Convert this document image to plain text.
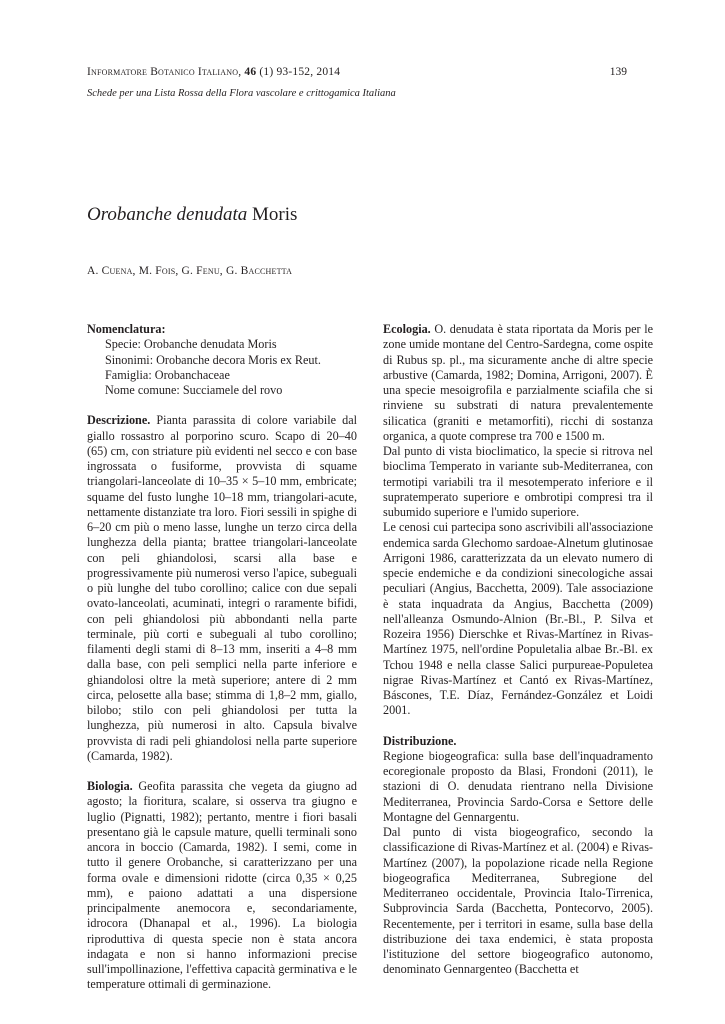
Informatore Botanico Italiano, 46 (1) 93-152, 2014	139
Schede per una Lista Rossa della Flora vascolare e crittogamica Italiana
Orobanche denudata Moris
A. Cuena, M. Fois, G. Fenu, G. Bacchetta

Nomenclatura:

Specie: Orobanche denudata Moris

Sinonimi: Orobanche decora Moris ex Reut.

Famiglia: Orobanchaceae

Nome comune: Succiamele del rovo

Descrizione. Pianta parassita di colore variabile dal giallo rossastro al porporino scuro. Scapo di 20–40 (65) cm, con striature più evidenti nel secco e con base ingrossata o fusiforme, provvista di squame triangolari-lanceolate di 10–35 × 5–10 mm, embricate; squame del fusto lunghe 10–18 mm, triangolari-acute, nettamente distanziate tra loro. Fiori sessili in spighe di 6–20 cm più o meno lasse, lunghe un terzo circa della lunghezza della pianta; brattee triangolari-lanceolate con peli ghiandolosi, scarsi alla base e progressivamente più numerosi verso l'apice, subeguali o più lunghe del tubo corollino; calice con due sepali ovato-lanceolati, acuminati, integri o raramente bifidi, con peli ghiandolosi più abbondanti nella parte terminale, più corti e subeguali al tubo corollino; filamenti degli stami di 8–13 mm, inseriti a 4–8 mm dalla base, con peli semplici nella parte inferiore e ghiandolosi oltre la metà superiore; antere di 2 mm circa, pelosette alla base; stimma di 1,8–2 mm, giallo, bilobo; stilo con peli ghiandolosi per tutta la lunghezza, più numerosi in alto. Capsula bivalve provvista di radi peli ghiandolosi nella parte superiore (Camarda, 1982).

Biologia. Geofita parassita che vegeta da giugno ad agosto; la fioritura, scalare, si osserva tra giugno e luglio (Pignatti, 1982); pertanto, mentre i fiori basali presentano già le capsule mature, quelli terminali sono ancora in boccio (Camarda, 1982). I semi, come in tutto il genere Orobanche, si caratterizzano per una forma ovale e dimensioni ridotte (circa 0,35 × 0,25 mm), e paiono adattati a una dispersione principalmente anemocora e, secondariamente, idrocora (Dhanapal et al., 1996). La biologia riproduttiva di questa specie non è stata ancora indagata e non si hanno informazioni precise sull'impollinazione, l'effettiva capacità germinativa e le temperature ottimali di germinazione.

Ecologia. O. denudata è stata riportata da Moris per le zone umide montane del Centro-Sardegna, come ospite di Rubus sp. pl., ma sicuramente anche di altre specie arbustive (Camarda, 1982; Domina, Arrigoni, 2007). È una specie mesoigrofila e parzialmente sciafila che si rinviene su substrati di natura prevalentemente silicatica (graniti e metamorfiti), ricchi di sostanza organica, a quote comprese tra 700 e 1500 m.

Dal punto di vista bioclimatico, la specie si ritrova nel bioclima Temperato in variante sub-Mediterranea, con termotipi variabili tra il mesotemperato inferiore e il supratemperato superiore e ombrotipi compresi tra il subumido superiore e l'umido superiore.

Le cenosi cui partecipa sono ascrivibili all'associazione endemica sarda Glechomo sardoae-Alnetum glutinosae Arrigoni 1986, caratterizzata da un elevato numero di specie endemiche e da condizioni sinecologiche assai peculiari (Angius, Bacchetta, 2009). Tale associazione è stata inquadrata da Angius, Bacchetta (2009) nell'alleanza Osmundo-Alnion (Br.-Bl., P. Silva et Rozeira 1956) Dierschke et Rivas-Martínez in Rivas-Martínez 1975, nell'ordine Populetalia albae Br.-Bl. ex Tchou 1948 e nella classe Salici purpureae-Populetea nigrae Rivas-Martínez et Cantó ex Rivas-Martínez, Báscones, T.E. Díaz, Fernández-González et Loidi 2001.

Distribuzione.

Regione biogeografica: sulla base dell'inquadramento ecoregionale proposto da Blasi, Frondoni (2011), le stazioni di O. denudata rientrano nella Divisione Mediterranea, Provincia Sardo-Corsa e Settore delle Montagne del Gennargentu.

Dal punto di vista biogeografico, secondo la classificazione di Rivas-Martínez et al. (2004) e Rivas-Martínez (2007), la popolazione ricade nella Regione biogeografica Mediterranea, Subregione del Mediterraneo occidentale, Provincia Italo-Tirrenica, Subprovincia Sarda (Bacchetta, Pontecorvo, 2005). Recentemente, per i territori in esame, sulla base della distribuzione dei taxa endemici, è stata proposta l'istituzione del settore biogeografico autonomo, denominato Gennargenteo (Bacchetta et
